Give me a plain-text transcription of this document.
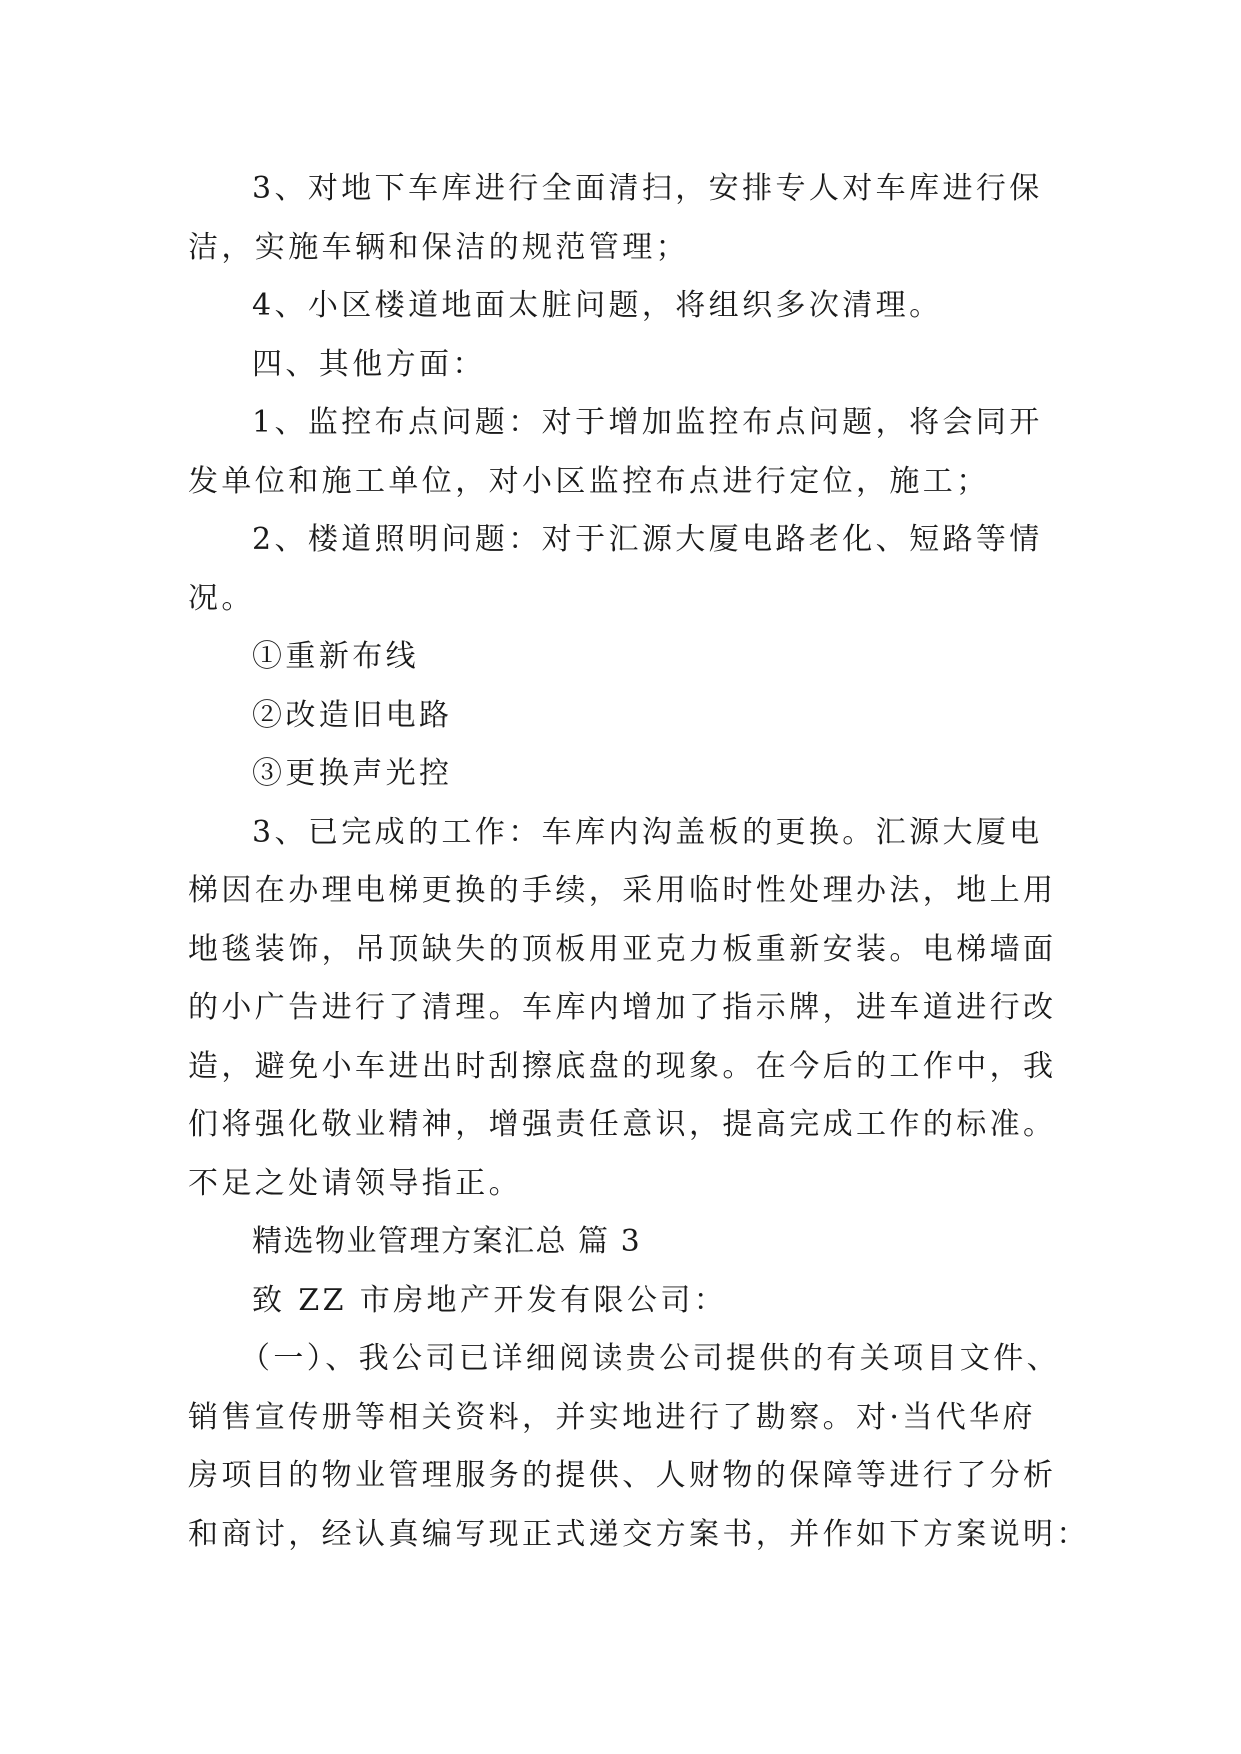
3、对地下车库进行全面清扫，安排专人对车库进行保

洁，实施车辆和保洁的规范管理；

4、小区楼道地面太脏问题，将组织多次清理。

四、其他方面：

1、监控布点问题：对于增加监控布点问题，将会同开

发单位和施工单位，对小区监控布点进行定位，施工；

2、楼道照明问题：对于汇源大厦电路老化、短路等情

况。

①重新布线

②改造旧电路

③更换声光控

3、已完成的工作：车库内沟盖板的更换。汇源大厦电

梯因在办理电梯更换的手续，采用临时性处理办法，地上用

地毯装饰，吊顶缺失的顶板用亚克力板重新安装。电梯墙面

的小广告进行了清理。车库内增加了指示牌，进车道进行改

造，避免小车进出时刮擦底盘的现象。在今后的工作中，我

们将强化敬业精神，增强责任意识，提高完成工作的标准。

不足之处请领导指正。

精选物业管理方案汇总 篇 3

致 ZZ 市房地产开发有限公司：

（一）、我公司已详细阅读贵公司提供的有关项目文件、

销售宣传册等相关资料，并实地进行了勘察。对·当代华府

房项目的物业管理服务的提供、人财物的保障等进行了分析

和商讨，经认真编写现正式递交方案书，并作如下方案说明：
